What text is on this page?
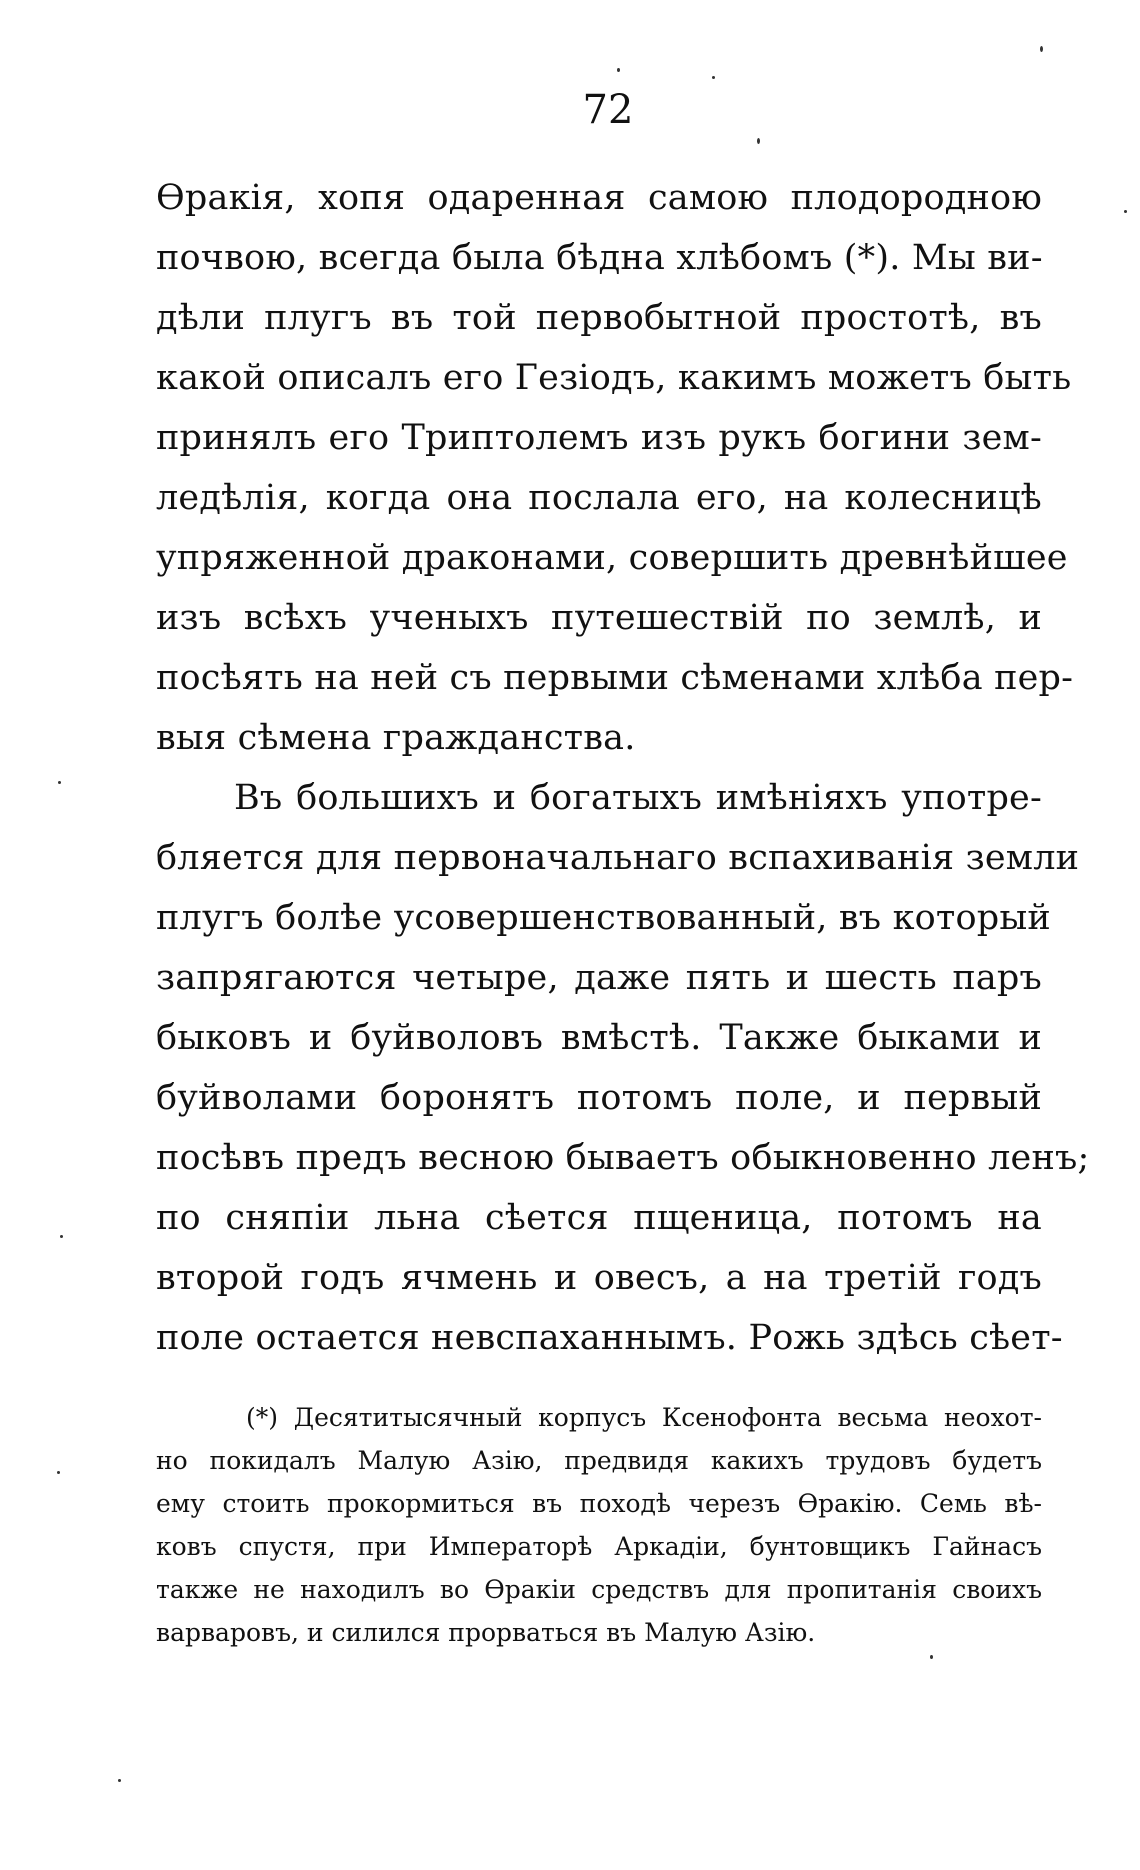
72
Ѳракія, хопя одаренная самою плодородною
почвою, всегда была бѣдна хлѣбомъ (*). Мы ви-
дѣли плугъ въ той первобытной простотѣ, въ
какой описалъ его Гезіодъ, какимъ можетъ быть
принялъ его Триптолемъ изъ рукъ богини зем-
ледѣлія, когда она послала его, на колесницѣ
упряженной драконами, совершить древнѣйшее
изъ всѣхъ ученыхъ путешествій по землѣ, и
посѣять на ней съ первыми сѣменами хлѣба пер-
выя сѣмена гражданства.
Въ большихъ и богатыхъ имѣніяхъ употре-
бляется для первоначальнаго вспахиванія земли
плугъ болѣе усовершенствованный, въ который
запрягаются четыре, даже пять и шесть паръ
быковъ и буйволовъ вмѣстѣ. Также быками и
буйволами боронятъ потомъ поле, и первый
посѣвъ предъ весною бываетъ обыкновенно ленъ;
по сняпіи льна сѣется пщеница, потомъ на
второй годъ ячмень и овесъ, а на третій годъ
поле остается невспаханнымъ. Рожь здѣсь сѣет-
(*) Десятитысячный корпусъ Ксенофонта весьма неохот-
но покидалъ Малую Азію, предвидя какихъ трудовъ будетъ
ему стоить прокормиться въ походѣ черезъ Ѳракію. Семь вѣ-
ковъ спустя, при Императорѣ Аркадіи, бунтовщикъ Гайнасъ
также не находилъ во Ѳракіи средствъ для пропитанія своихъ
варваровъ, и силился прорваться въ Малую Азію.
